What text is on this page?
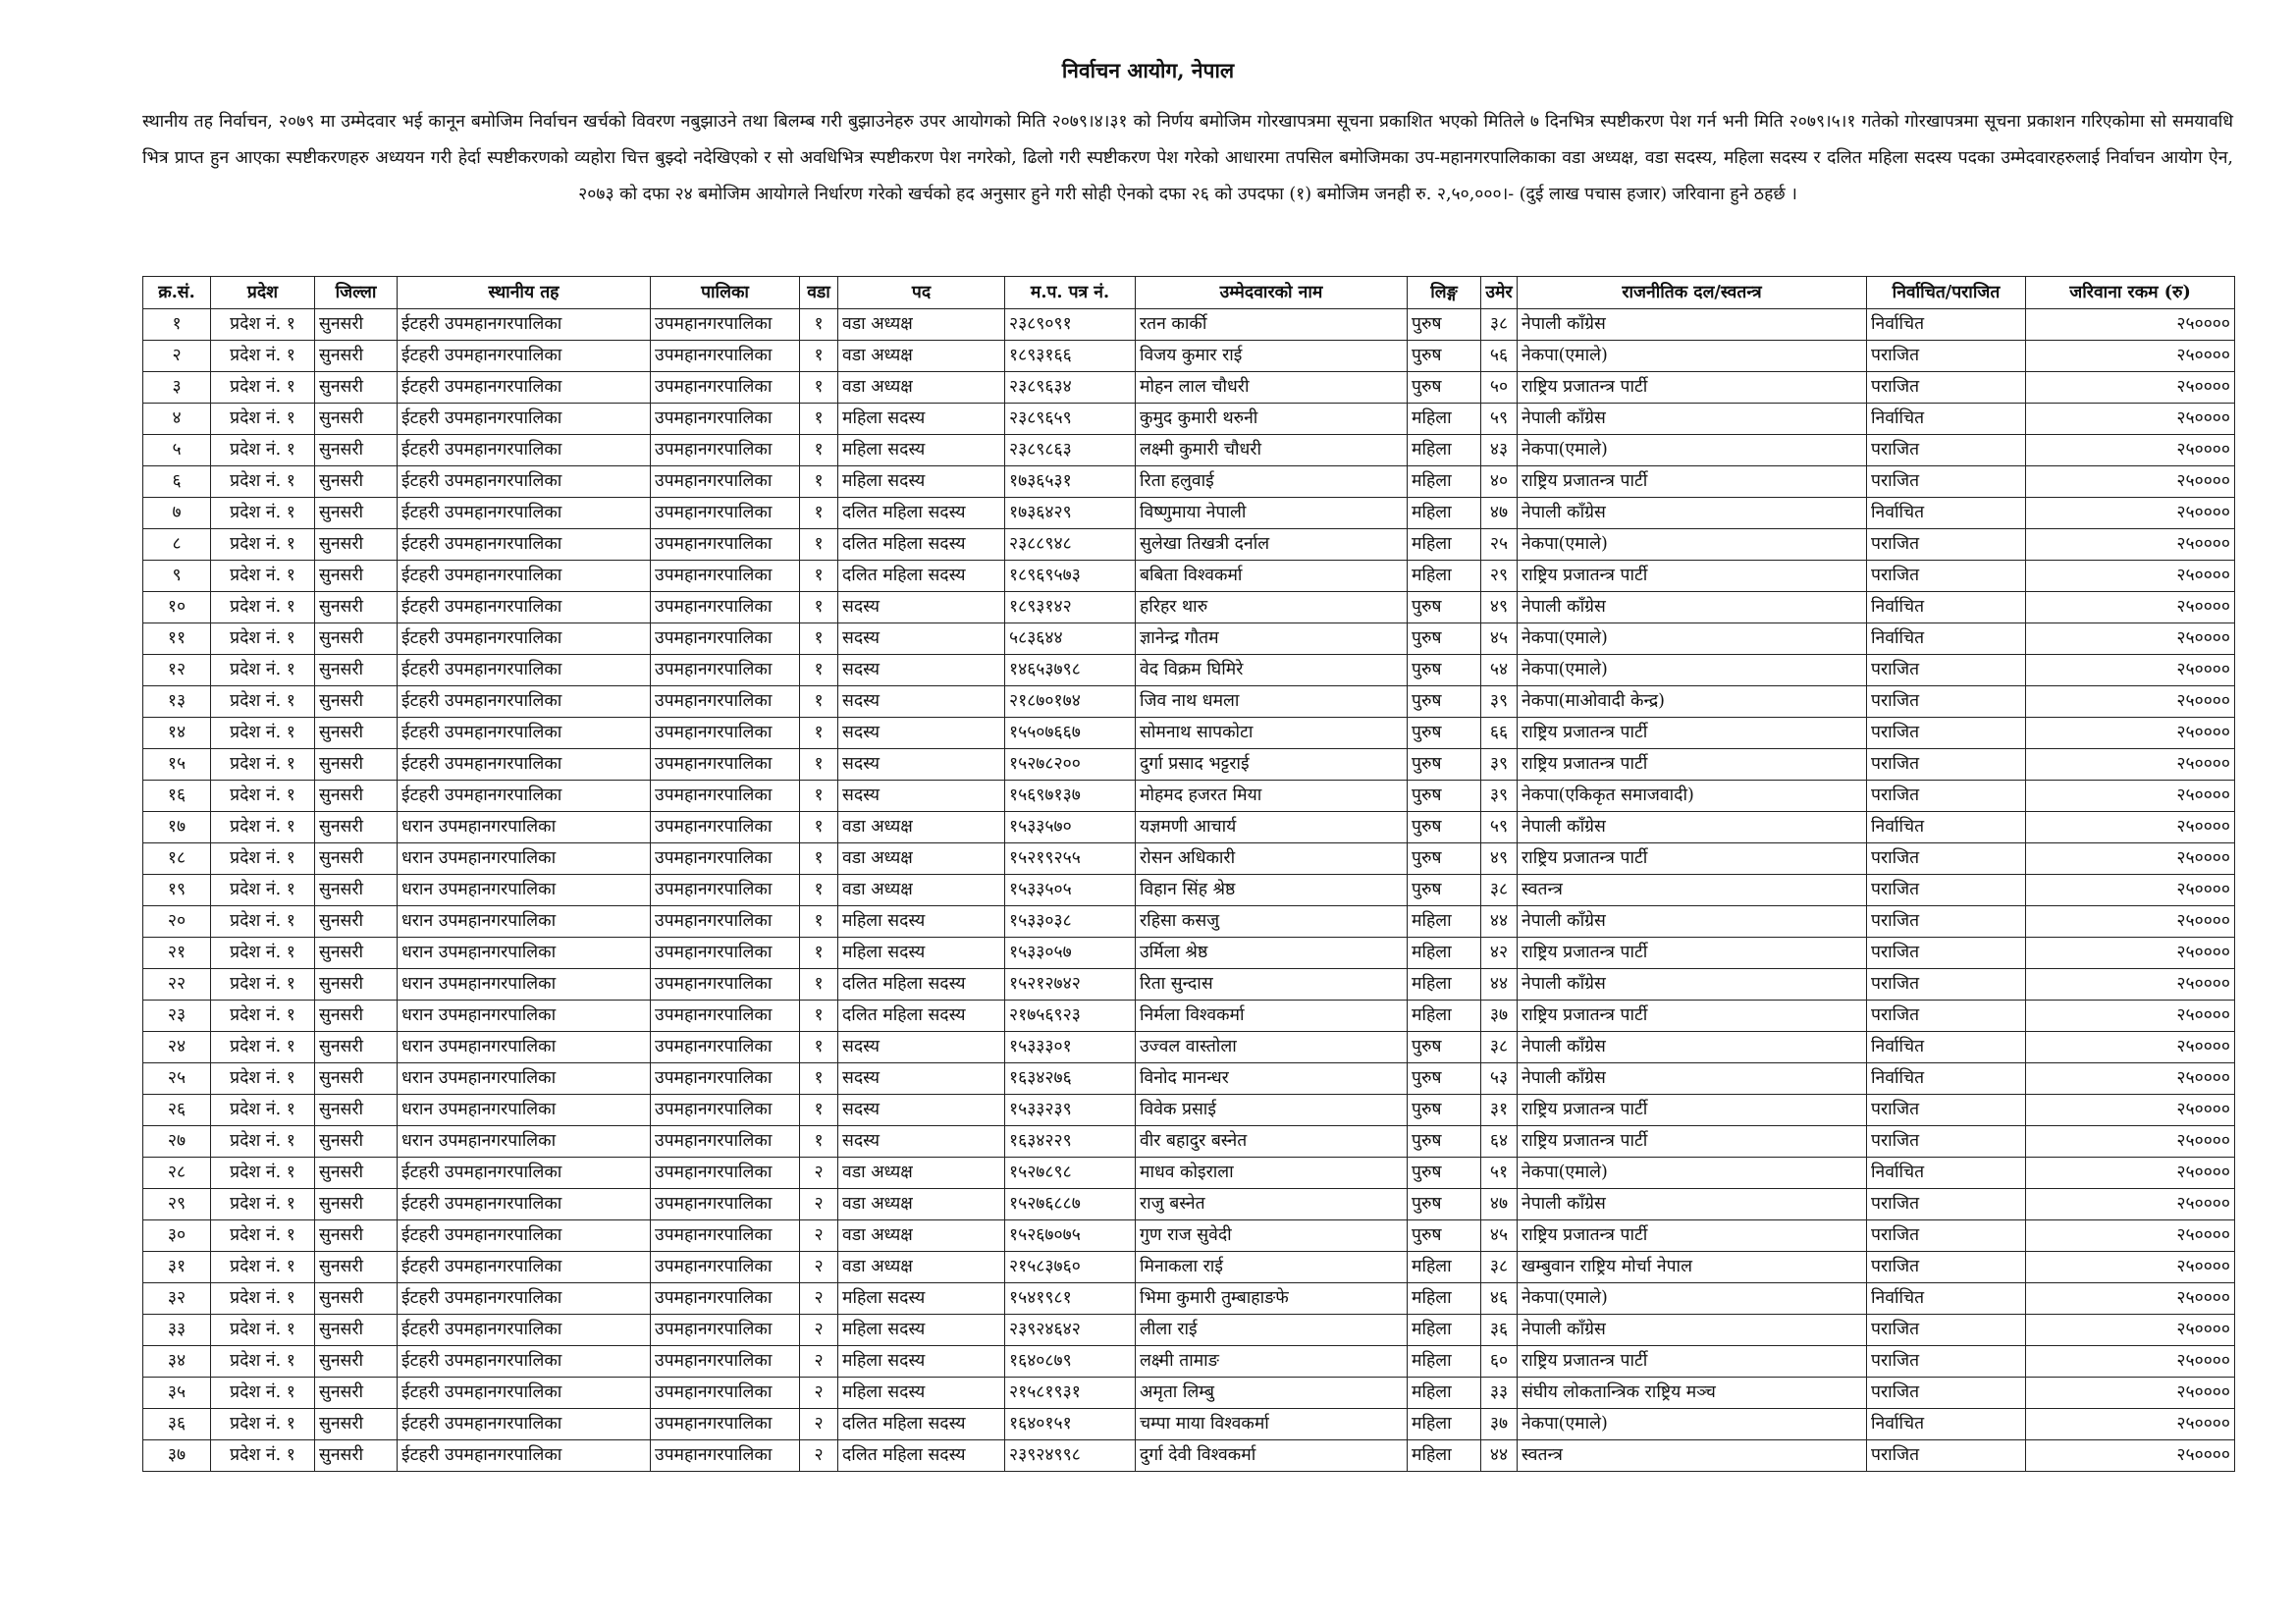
निर्वाचन आयोग, नेपाल
स्थानीय तह निर्वाचन, २०७९ मा उम्मेदवार भई कानून बमोजिम निर्वाचन खर्चको विवरण नबुझाउने तथा बिलम्ब गरी बुझाउनेहरु उपर आयोगको मिति २०७९।४।३१ को निर्णय बमोजिम गोरखापत्रमा सूचना प्रकाशित भएको मितिले ७ दिनभित्र स्पष्टीकरण पेश गर्न भनी मिति २०७९।५।१ गतेको गोरखापत्रमा सूचना प्रकाशन गरिएकोमा सो समयावधि भित्र प्राप्त हुन आएका स्पष्टीकरणहरु अध्ययन गरी हेर्दा स्पष्टीकरणको व्यहोरा चित्त बुझ्दो नदेखिएको र सो अवधिभित्र स्पष्टीकरण पेश नगरेको, ढिलो गरी स्पष्टीकरण पेश गरेको आधारमा तपसिल बमोजिमका उप-महानगरपालिकाका वडा अध्यक्ष, वडा सदस्य, महिला सदस्य र दलित महिला सदस्य पदका उम्मेदवारहरुलाई निर्वाचन आयोग ऐन, २०७३ को दफा २४ बमोजिम आयोगले निर्धारण गरेको खर्चको हद अनुसार हुने गरी सोही ऐनको दफा २६ को उपदफा (१) बमोजिम जनही रु. २,५०,०००।- (दुई लाख पचास हजार) जरिवाना हुने ठहर्छ ।
क्र.सं.	प्रदेश	जिल्ला	स्थानीय तह	पालिका	वडा	पद	म.प. पत्र नं.	उम्मेदवारको नाम	लिङ्ग	उमेर	राजनीतिक दल/स्वतन्त्र	निर्वाचित/पराजित	जरिवाना रकम (रु)
१	प्रदेश नं. १	सुनसरी	ईटहरी उपमहानगरपालिका	उपमहानगरपालिका	१	वडा अध्यक्ष	२३८९०९१	रतन कार्की	पुरुष	३८	नेपाली काँग्रेस	निर्वाचित	२५००००
२	प्रदेश नं. १	सुनसरी	ईटहरी उपमहानगरपालिका	उपमहानगरपालिका	१	वडा अध्यक्ष	१८९३१६६	विजय कुमार राई	पुरुष	५६	नेकपा(एमाले)	पराजित	२५००००
३	प्रदेश नं. १	सुनसरी	ईटहरी उपमहानगरपालिका	उपमहानगरपालिका	१	वडा अध्यक्ष	२३८९६३४	मोहन लाल चौधरी	पुरुष	५०	राष्ट्रिय प्रजातन्त्र पार्टी	पराजित	२५००००
४	प्रदेश नं. १	सुनसरी	ईटहरी उपमहानगरपालिका	उपमहानगरपालिका	१	महिला सदस्य	२३८९६५९	कुमुद कुमारी थरुनी	महिला	५९	नेपाली काँग्रेस	निर्वाचित	२५००००
५	प्रदेश नं. १	सुनसरी	ईटहरी उपमहानगरपालिका	उपमहानगरपालिका	१	महिला सदस्य	२३८९८६३	लक्ष्मी कुमारी चौधरी	महिला	४३	नेकपा(एमाले)	पराजित	२५००००
६	प्रदेश नं. १	सुनसरी	ईटहरी उपमहानगरपालिका	उपमहानगरपालिका	१	महिला सदस्य	१७३६५३१	रिता हलुवाई	महिला	४०	राष्ट्रिय प्रजातन्त्र पार्टी	पराजित	२५००००
७	प्रदेश नं. १	सुनसरी	ईटहरी उपमहानगरपालिका	उपमहानगरपालिका	१	दलित महिला सदस्य	१७३६४२९	विष्णुमाया नेपाली	महिला	४७	नेपाली काँग्रेस	निर्वाचित	२५००००
८	प्रदेश नं. १	सुनसरी	ईटहरी उपमहानगरपालिका	उपमहानगरपालिका	१	दलित महिला सदस्य	२३८८९४८	सुलेखा तिखत्री दर्नाल	महिला	२५	नेकपा(एमाले)	पराजित	२५००००
९	प्रदेश नं. १	सुनसरी	ईटहरी उपमहानगरपालिका	उपमहानगरपालिका	१	दलित महिला सदस्य	१८९६९५७३	बबिता विश्वकर्मा	महिला	२९	राष्ट्रिय प्रजातन्त्र पार्टी	पराजित	२५००००
१०	प्रदेश नं. १	सुनसरी	ईटहरी उपमहानगरपालिका	उपमहानगरपालिका	१	सदस्य	१८९३१४२	हरिहर थारु	पुरुष	४९	नेपाली काँग्रेस	निर्वाचित	२५००००
११	प्रदेश नं. १	सुनसरी	ईटहरी उपमहानगरपालिका	उपमहानगरपालिका	१	सदस्य	५८३६४४	ज्ञानेन्द्र गौतम	पुरुष	४५	नेकपा(एमाले)	निर्वाचित	२५००००
१२	प्रदेश नं. १	सुनसरी	ईटहरी उपमहानगरपालिका	उपमहानगरपालिका	१	सदस्य	१४६५३७९८	वेद विक्रम घिमिरे	पुरुष	५४	नेकपा(एमाले)	पराजित	२५००००
१३	प्रदेश नं. १	सुनसरी	ईटहरी उपमहानगरपालिका	उपमहानगरपालिका	१	सदस्य	२१८७०१७४	जिव नाथ धमला	पुरुष	३९	नेकपा(माओवादी केन्द्र)	पराजित	२५००००
१४	प्रदेश नं. १	सुनसरी	ईटहरी उपमहानगरपालिका	उपमहानगरपालिका	१	सदस्य	१५५०७६६७	सोमनाथ सापकोटा	पुरुष	६६	राष्ट्रिय प्रजातन्त्र पार्टी	पराजित	२५००००
१५	प्रदेश नं. १	सुनसरी	ईटहरी उपमहानगरपालिका	उपमहानगरपालिका	१	सदस्य	१५२७८२००	दुर्गा प्रसाद भट्टराई	पुरुष	३९	राष्ट्रिय प्रजातन्त्र पार्टी	पराजित	२५००००
१६	प्रदेश नं. १	सुनसरी	ईटहरी उपमहानगरपालिका	उपमहानगरपालिका	१	सदस्य	१५६९७१३७	मोहमद हजरत मिया	पुरुष	३९	नेकपा(एकिकृत समाजवादी)	पराजित	२५००००
१७	प्रदेश नं. १	सुनसरी	धरान उपमहानगरपालिका	उपमहानगरपालिका	१	वडा अध्यक्ष	१५३३५७०	यज्ञमणी आचार्य	पुरुष	५९	नेपाली काँग्रेस	निर्वाचित	२५००००
१८	प्रदेश नं. १	सुनसरी	धरान उपमहानगरपालिका	उपमहानगरपालिका	१	वडा अध्यक्ष	१५२१९२५५	रोसन अधिकारी	पुरुष	४९	राष्ट्रिय प्रजातन्त्र पार्टी	पराजित	२५००००
१९	प्रदेश नं. १	सुनसरी	धरान उपमहानगरपालिका	उपमहानगरपालिका	१	वडा अध्यक्ष	१५३३५०५	विहान सिंह श्रेष्ठ	पुरुष	३८	स्वतन्त्र	पराजित	२५००००
२०	प्रदेश नं. १	सुनसरी	धरान उपमहानगरपालिका	उपमहानगरपालिका	१	महिला सदस्य	१५३३०३८	रहिसा कसजु	महिला	४४	नेपाली काँग्रेस	पराजित	२५००००
२१	प्रदेश नं. १	सुनसरी	धरान उपमहानगरपालिका	उपमहानगरपालिका	१	महिला सदस्य	१५३३०५७	उर्मिला श्रेष्ठ	महिला	४२	राष्ट्रिय प्रजातन्त्र पार्टी	पराजित	२५००००
२२	प्रदेश नं. १	सुनसरी	धरान उपमहानगरपालिका	उपमहानगरपालिका	१	दलित महिला सदस्य	१५२१२७४२	रिता सुन्दास	महिला	४४	नेपाली काँग्रेस	पराजित	२५००००
२३	प्रदेश नं. १	सुनसरी	धरान उपमहानगरपालिका	उपमहानगरपालिका	१	दलित महिला सदस्य	२१७५६९२३	निर्मला विश्वकर्मा	महिला	३७	राष्ट्रिय प्रजातन्त्र पार्टी	पराजित	२५००००
२४	प्रदेश नं. १	सुनसरी	धरान उपमहानगरपालिका	उपमहानगरपालिका	१	सदस्य	१५३३३०१	उज्वल वास्तोला	पुरुष	३८	नेपाली काँग्रेस	निर्वाचित	२५००००
२५	प्रदेश नं. १	सुनसरी	धरान उपमहानगरपालिका	उपमहानगरपालिका	१	सदस्य	१६३४२७६	विनोद मानन्धर	पुरुष	५३	नेपाली काँग्रेस	निर्वाचित	२५००००
२६	प्रदेश नं. १	सुनसरी	धरान उपमहानगरपालिका	उपमहानगरपालिका	१	सदस्य	१५३३२३९	विवेक प्रसाई	पुरुष	३१	राष्ट्रिय प्रजातन्त्र पार्टी	पराजित	२५००००
२७	प्रदेश नं. १	सुनसरी	धरान उपमहानगरपालिका	उपमहानगरपालिका	१	सदस्य	१६३४२२९	वीर बहादुर बस्नेत	पुरुष	६४	राष्ट्रिय प्रजातन्त्र पार्टी	पराजित	२५००००
२८	प्रदेश नं. १	सुनसरी	ईटहरी उपमहानगरपालिका	उपमहानगरपालिका	२	वडा अध्यक्ष	१५२७८९८	माधव कोइराला	पुरुष	५१	नेकपा(एमाले)	निर्वाचित	२५००००
२९	प्रदेश नं. १	सुनसरी	ईटहरी उपमहानगरपालिका	उपमहानगरपालिका	२	वडा अध्यक्ष	१५२७६८८७	राजु बस्नेत	पुरुष	४७	नेपाली काँग्रेस	पराजित	२५००००
३०	प्रदेश नं. १	सुनसरी	ईटहरी उपमहानगरपालिका	उपमहानगरपालिका	२	वडा अध्यक्ष	१५२६७०७५	गुण राज सुवेदी	पुरुष	४५	राष्ट्रिय प्रजातन्त्र पार्टी	पराजित	२५००००
३१	प्रदेश नं. १	सुनसरी	ईटहरी उपमहानगरपालिका	उपमहानगरपालिका	२	वडा अध्यक्ष	२१५८३७६०	मिनाकला राई	महिला	३८	खम्बुवान राष्ट्रिय मोर्चा नेपाल	पराजित	२५००००
३२	प्रदेश नं. १	सुनसरी	ईटहरी उपमहानगरपालिका	उपमहानगरपालिका	२	महिला सदस्य	१५४१९८१	भिमा कुमारी तुम्बाहाङफे	महिला	४६	नेकपा(एमाले)	निर्वाचित	२५००००
३३	प्रदेश नं. १	सुनसरी	ईटहरी उपमहानगरपालिका	उपमहानगरपालिका	२	महिला सदस्य	२३९२४६४२	लीला राई	महिला	३६	नेपाली काँग्रेस	पराजित	२५००००
३४	प्रदेश नं. १	सुनसरी	ईटहरी उपमहानगरपालिका	उपमहानगरपालिका	२	महिला सदस्य	१६४०८७९	लक्ष्मी तामाङ	महिला	६०	राष्ट्रिय प्रजातन्त्र पार्टी	पराजित	२५००००
३५	प्रदेश नं. १	सुनसरी	ईटहरी उपमहानगरपालिका	उपमहानगरपालिका	२	महिला सदस्य	२१५८१९३१	अमृता लिम्बु	महिला	३३	संघीय लोकतान्त्रिक राष्ट्रिय मञ्च	पराजित	२५००००
३६	प्रदेश नं. १	सुनसरी	ईटहरी उपमहानगरपालिका	उपमहानगरपालिका	२	दलित महिला सदस्य	१६४०१५१	चम्पा माया विश्वकर्मा	महिला	३७	नेकपा(एमाले)	निर्वाचित	२५००००
३७	प्रदेश नं. १	सुनसरी	ईटहरी उपमहानगरपालिका	उपमहानगरपालिका	२	दलित महिला सदस्य	२३९२४९९८	दुर्गा देवी विश्वकर्मा	महिला	४४	स्वतन्त्र	पराजित	२५००००
